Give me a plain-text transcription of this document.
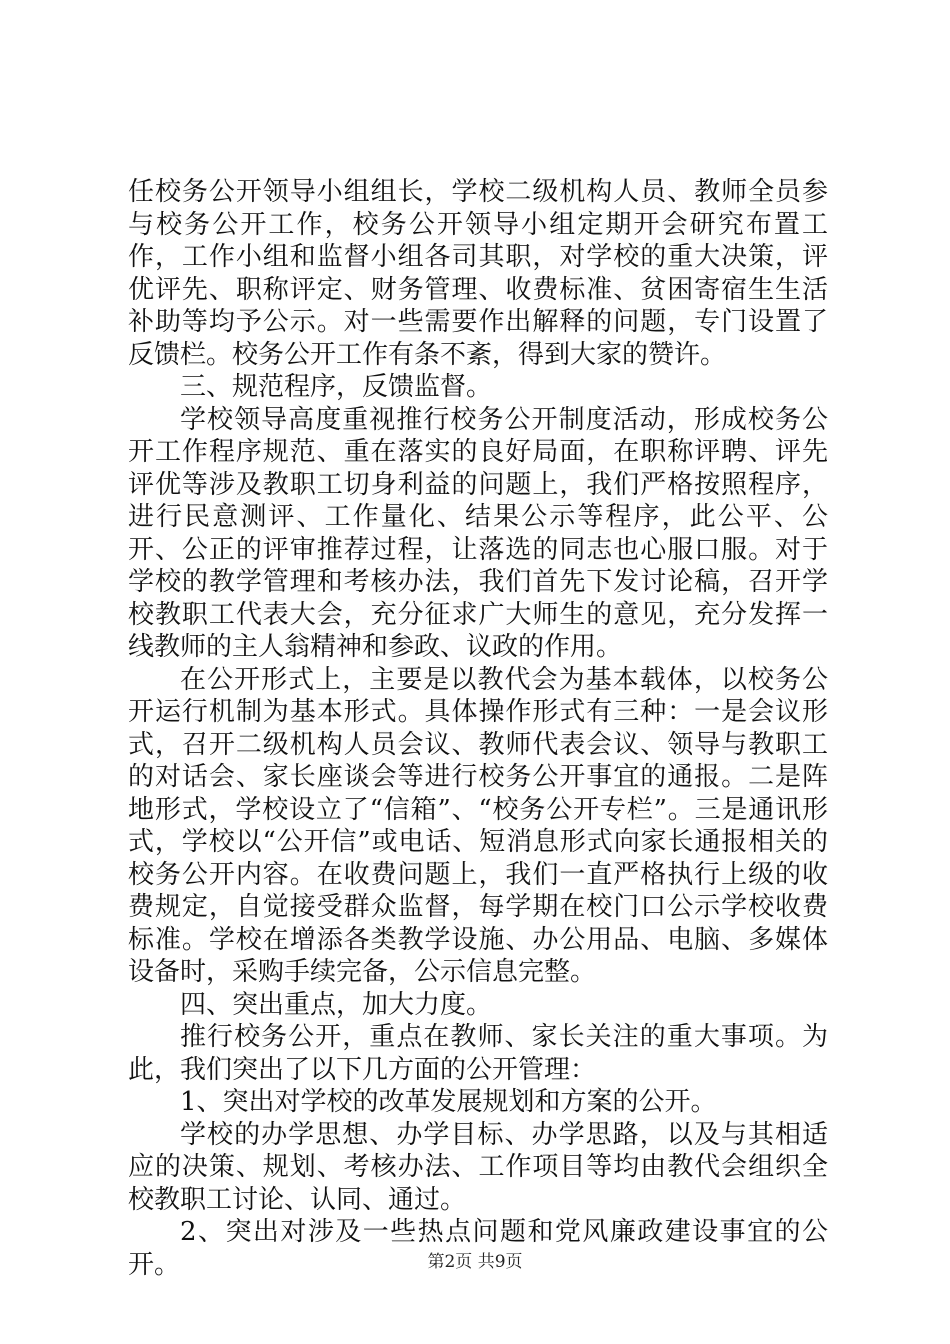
任校务公开领导小组组长，学校二级机构人员、教师全员参与校务公开工作，校务公开领导小组定期开会研究布置工作，工作小组和监督小组各司其职，对学校的重大决策，评优评先、职称评定、财务管理、收费标准、贫困寄宿生生活补助等均予公示。对一些需要作出解释的问题，专门设置了反馈栏。校务公开工作有条不紊，得到大家的赞许。

三、规范程序，反馈监督。

学校领导高度重视推行校务公开制度活动，形成校务公开工作程序规范、重在落实的良好局面，在职称评聘、评先评优等涉及教职工切身利益的问题上，我们严格按照程序，进行民意测评、工作量化、结果公示等程序，此公平、公开、公正的评审推荐过程，让落选的同志也心服口服。对于学校的教学管理和考核办法，我们首先下发讨论稿，召开学校教职工代表大会，充分征求广大师生的意见，充分发挥一线教师的主人翁精神和参政、议政的作用。

在公开形式上，主要是以教代会为基本载体，以校务公开运行机制为基本形式。具体操作形式有三种：一是会议形式，召开二级机构人员会议、教师代表会议、领导与教职工的对话会、家长座谈会等进行校务公开事宜的通报。二是阵地形式，学校设立了“信箱”、“校务公开专栏”。三是通讯形式，学校以“公开信”或电话、短消息形式向家长通报相关的校务公开内容。在收费问题上，我们一直严格执行上级的收费规定，自觉接受群众监督，每学期在校门口公示学校收费标准。学校在增添各类教学设施、办公用品、电脑、多媒体设备时，采购手续完备，公示信息完整。

四、突出重点，加大力度。

推行校务公开，重点在教师、家长关注的重大事项。为此，我们突出了以下几方面的公开管理：

1、突出对学校的改革发展规划和方案的公开。

学校的办学思想、办学目标、办学思路，以及与其相适应的决策、规划、考核办法、工作项目等均由教代会组织全校教职工讨论、认同、通过。

2、突出对涉及一些热点问题和党风廉政建设事宜的公开。	第2页 共9页
